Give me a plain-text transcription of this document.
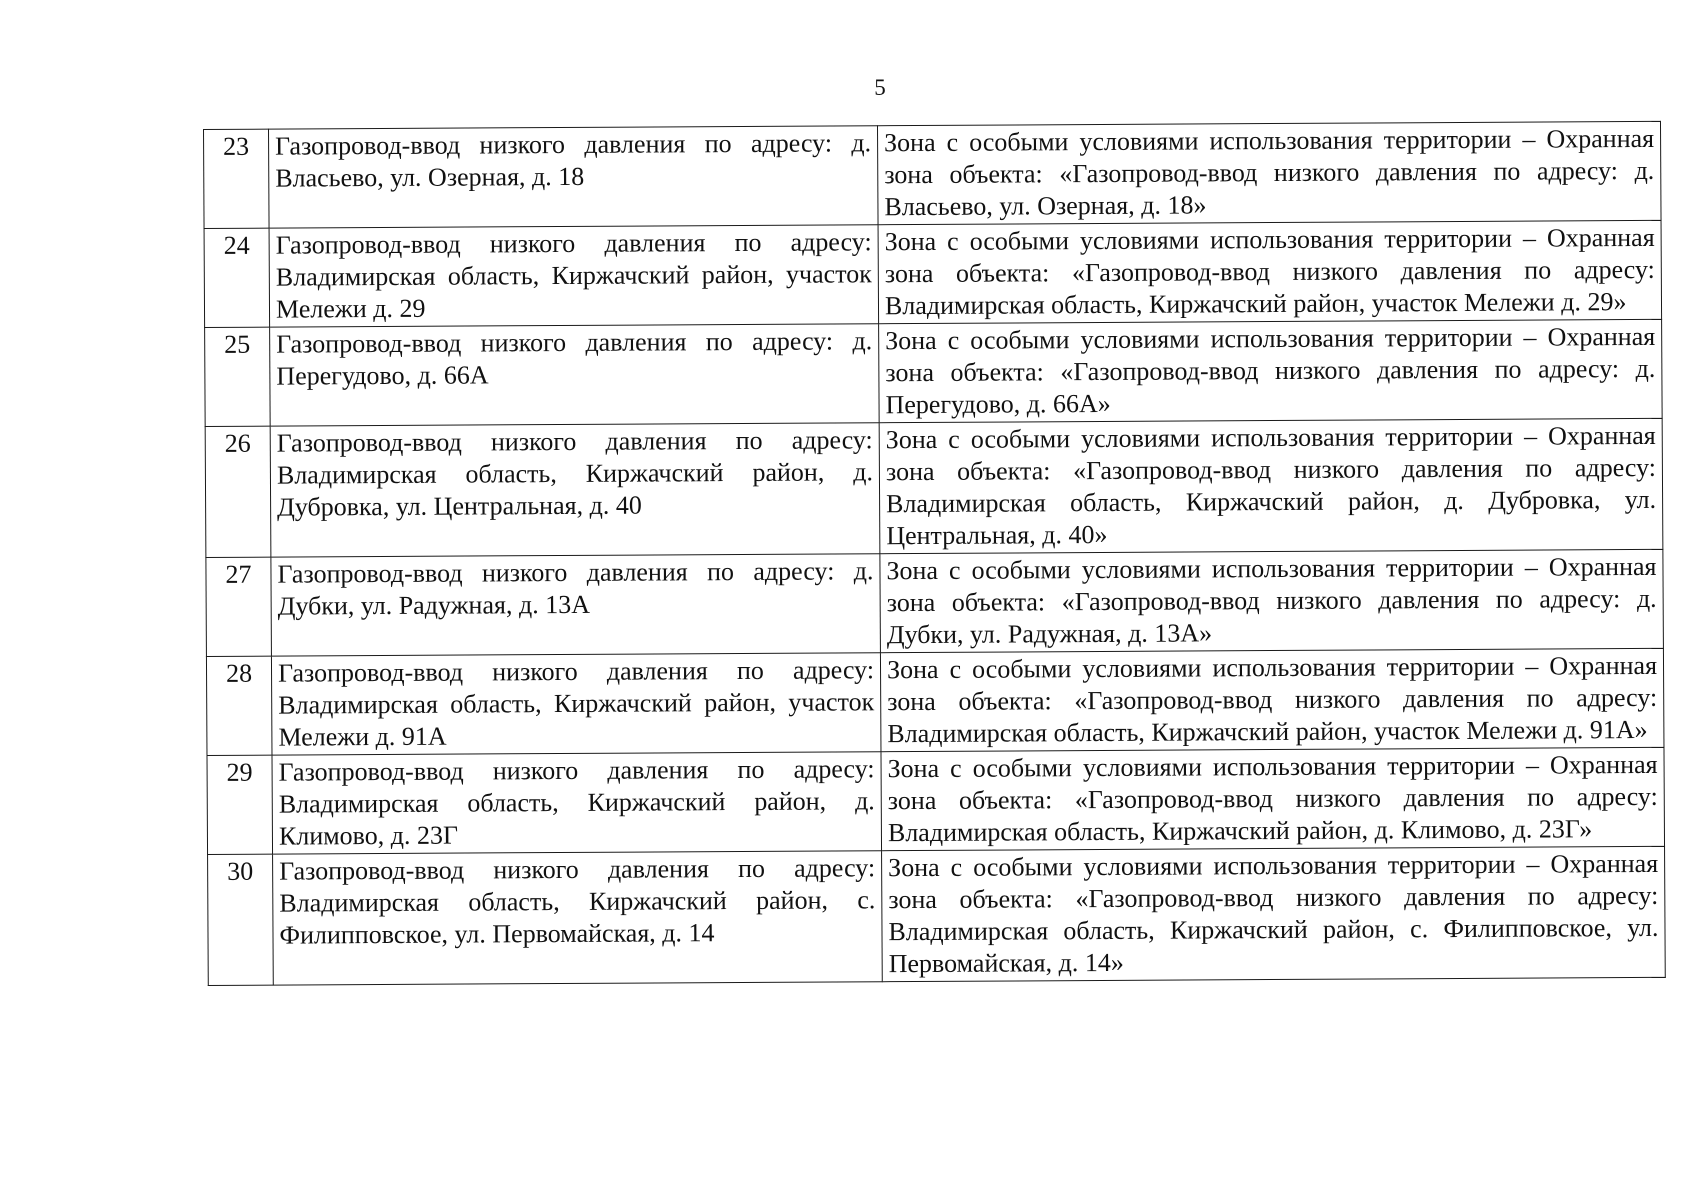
5
23	Газопровод-ввод низкого давления по адресу: д. Власьево, ул. Озерная, д. 18	Зона с особыми условиями использования территории – Охранная зона объекта: «Газопровод-ввод низкого давления по адресу: д. Власьево, ул. Озерная, д. 18»
24	Газопровод-ввод низкого давления по адресу: Владимирская область, Киржачский район, участок Мележи д. 29	Зона с особыми условиями использования территории – Охранная зона объекта: «Газопровод-ввод низкого давления по адресу: Владимирская область, Киржачский район, участок Мележи д. 29»
25	Газопровод-ввод низкого давления по адресу: д. Перегудово, д. 66А	Зона с особыми условиями использования территории – Охранная зона объекта: «Газопровод-ввод низкого давления по адресу: д. Перегудово, д. 66А»
26	Газопровод-ввод низкого давления по адресу: Владимирская область, Киржачский район, д. Дубровка, ул. Центральная, д. 40	Зона с особыми условиями использования территории – Охранная зона объекта: «Газопровод-ввод низкого давления по адресу: Владимирская область, Киржачский район, д. Дубровка, ул. Центральная, д. 40»
27	Газопровод-ввод низкого давления по адресу: д. Дубки, ул. Радужная, д. 13А	Зона с особыми условиями использования территории – Охранная зона объекта: «Газопровод-ввод низкого давления по адресу: д. Дубки, ул. Радужная, д. 13А»
28	Газопровод-ввод низкого давления по адресу: Владимирская область, Киржачский район, участок Мележи д. 91А	Зона с особыми условиями использования территории – Охранная зона объекта: «Газопровод-ввод низкого давления по адресу: Владимирская область, Киржачский район, участок Мележи д. 91А»
29	Газопровод-ввод низкого давления по адресу: Владимирская область, Киржачский район, д. Климово, д. 23Г	Зона с особыми условиями использования территории – Охранная зона объекта: «Газопровод-ввод низкого давления по адресу: Владимирская область, Киржачский район, д. Климово, д. 23Г»
30	Газопровод-ввод низкого давления по адресу: Владимирская область, Киржачский район, с. Филипповское, ул. Первомайская, д. 14	Зона с особыми условиями использования территории – Охранная зона объекта: «Газопровод-ввод низкого давления по адресу: Владимирская область, Киржачский район, с. Филипповское, ул. Первомайская, д. 14»
